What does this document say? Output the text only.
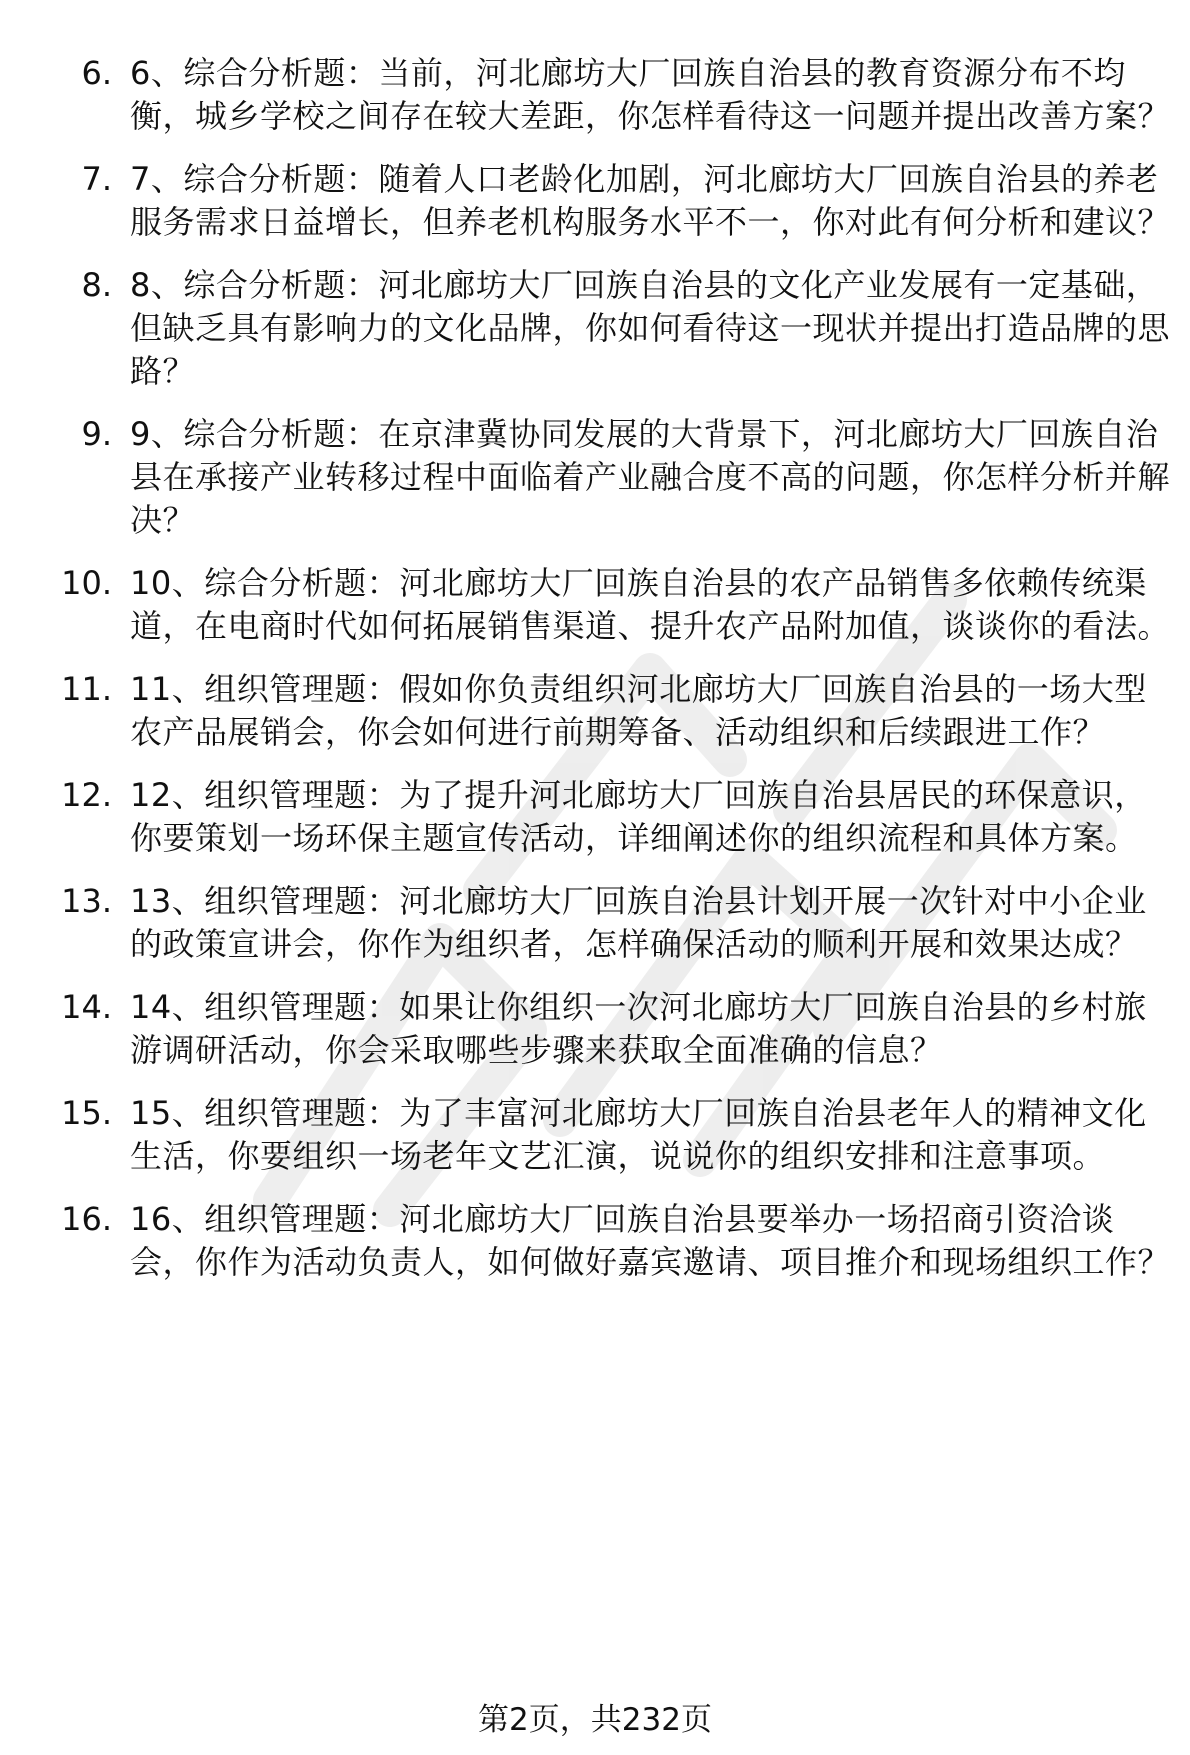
6. 6、综合分析题：当前，河北廊坊大厂回族自治县的教育资源分布不均衡，城乡学校之间存在较大差距，你怎样看待这一问题并提出改善方案？
7. 7、综合分析题：随着人口老龄化加剧，河北廊坊大厂回族自治县的养老服务需求日益增长，但养老机构服务水平不一，你对此有何分析和建议？
8. 8、综合分析题：河北廊坊大厂回族自治县的文化产业发展有一定基础，但缺乏具有影响力的文化品牌，你如何看待这一现状并提出打造品牌的思路？
9. 9、综合分析题：在京津冀协同发展的大背景下，河北廊坊大厂回族自治县在承接产业转移过程中面临着产业融合度不高的问题，你怎样分析并解决？
10. 10、综合分析题：河北廊坊大厂回族自治县的农产品销售多依赖传统渠道，在电商时代如何拓展销售渠道、提升农产品附加值，谈谈你的看法。
11. 11、组织管理题：假如你负责组织河北廊坊大厂回族自治县的一场大型农产品展销会，你会如何进行前期筹备、活动组织和后续跟进工作？
12. 12、组织管理题：为了提升河北廊坊大厂回族自治县居民的环保意识，你要策划一场环保主题宣传活动，详细阐述你的组织流程和具体方案。
13. 13、组织管理题：河北廊坊大厂回族自治县计划开展一次针对中小企业的政策宣讲会，你作为组织者，怎样确保活动的顺利开展和效果达成？
14. 14、组织管理题：如果让你组织一次河北廊坊大厂回族自治县的乡村旅游调研活动，你会采取哪些步骤来获取全面准确的信息？
15. 15、组织管理题：为了丰富河北廊坊大厂回族自治县老年人的精神文化生活，你要组织一场老年文艺汇演，说说你的组织安排和注意事项。
16. 16、组织管理题：河北廊坊大厂回族自治县要举办一场招商引资洽谈会，你作为活动负责人，如何做好嘉宾邀请、项目推介和现场组织工作？
第2页，共232页
